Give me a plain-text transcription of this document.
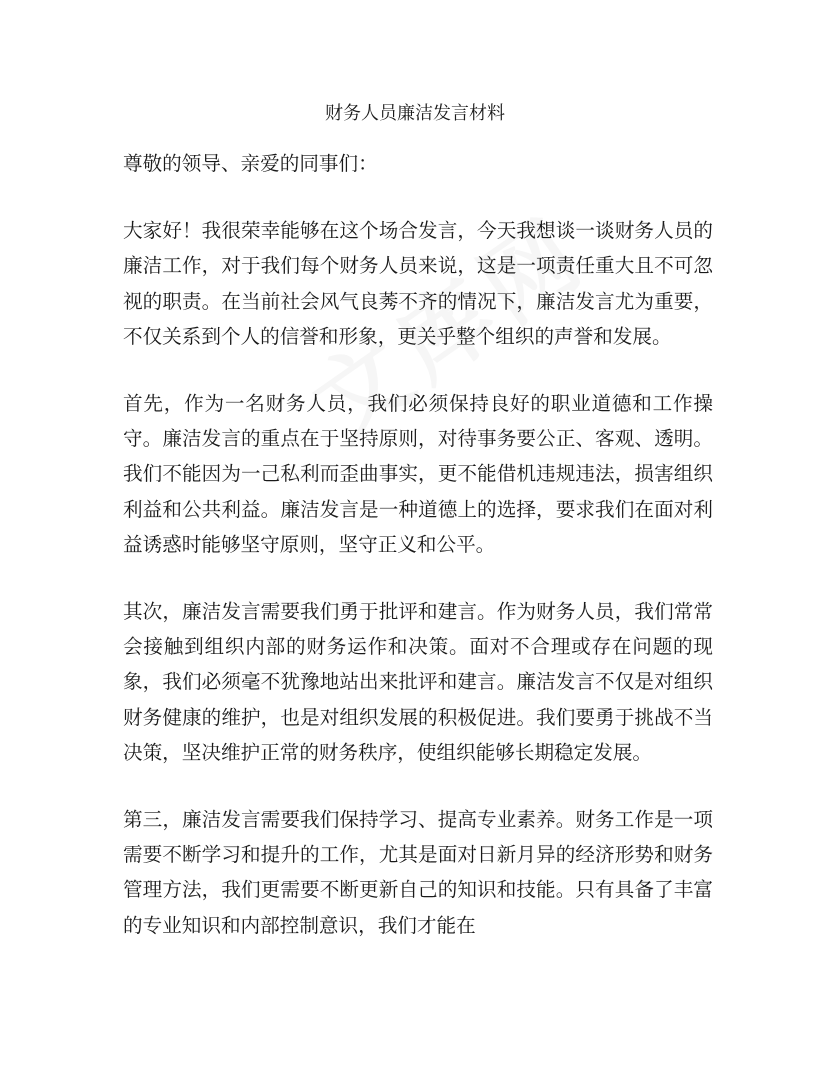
财务人员廉洁发言材料

尊敬的领导、亲爱的同事们：

大家好！我很荣幸能够在这个场合发言，今天我想谈一谈财务人员的廉洁工作，对于我们每个财务人员来说，这是一项责任重大且不可忽视的职责。在当前社会风气良莠不齐的情况下，廉洁发言尤为重要，不仅关系到个人的信誉和形象，更关乎整个组织的声誉和发展。

首先，作为一名财务人员，我们必须保持良好的职业道德和工作操守。廉洁发言的重点在于坚持原则，对待事务要公正、客观、透明。我们不能因为一己私利而歪曲事实，更不能借机违规违法，损害组织利益和公共利益。廉洁发言是一种道德上的选择，要求我们在面对利益诱惑时能够坚守原则，坚守正义和公平。

其次，廉洁发言需要我们勇于批评和建言。作为财务人员，我们常常会接触到组织内部的财务运作和决策。面对不合理或存在问题的现象，我们必须毫不犹豫地站出来批评和建言。廉洁发言不仅是对组织财务健康的维护，也是对组织发展的积极促进。我们要勇于挑战不当决策，坚决维护正常的财务秩序，使组织能够长期稳定发展。

第三，廉洁发言需要我们保持学习、提高专业素养。财务工作是一项需要不断学习和提升的工作，尤其是面对日新月异的经济形势和财务管理方法，我们更需要不断更新自己的知识和技能。只有具备了丰富的专业知识和内部控制意识，我们才能在
